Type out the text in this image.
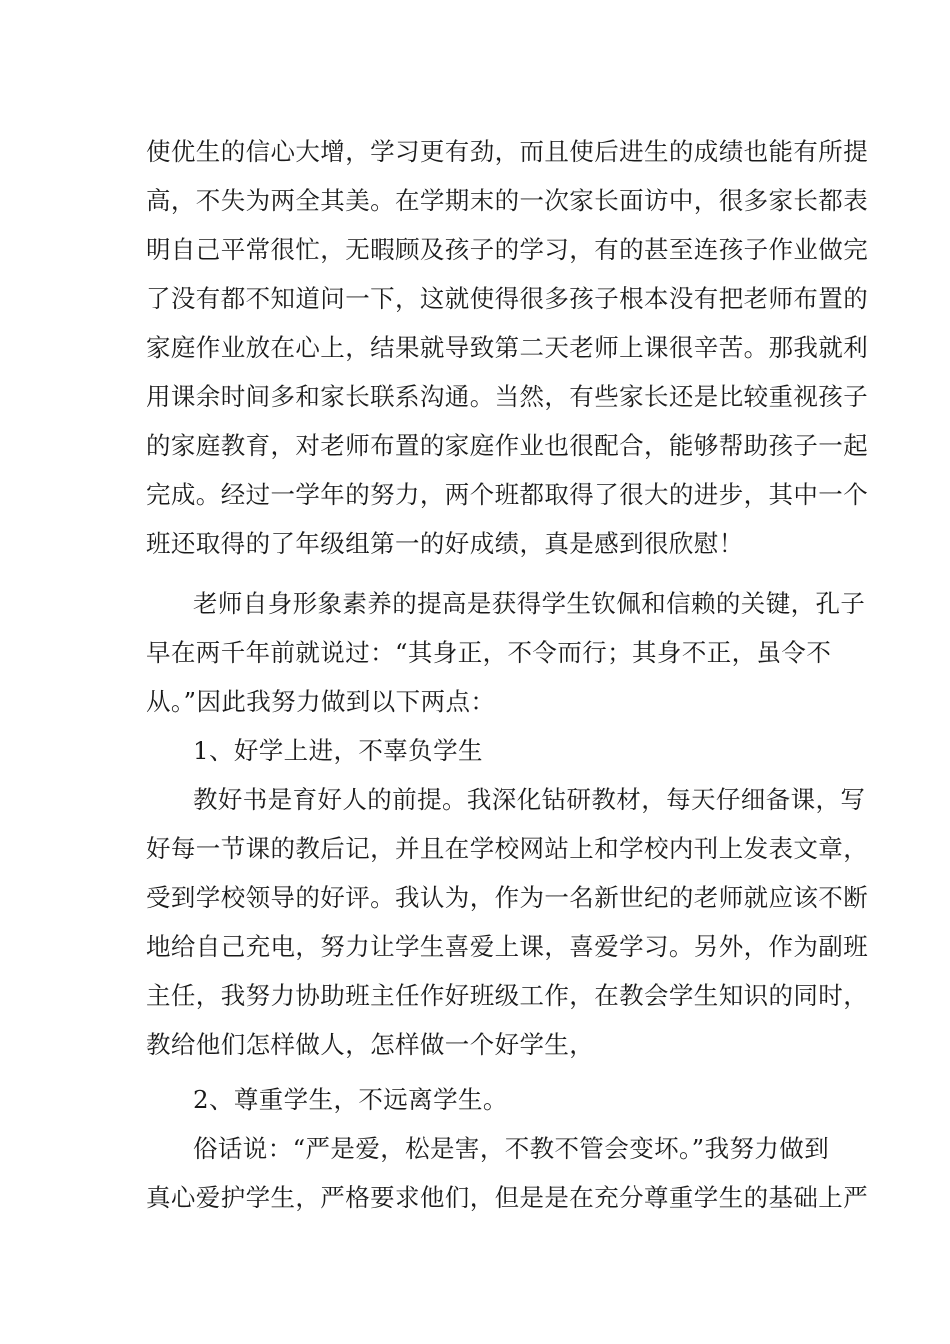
使优生的信心大增，学习更有劲，而且使后进生的成绩也能有所提
高，不失为两全其美。在学期末的一次家长面访中，很多家长都表
明自己平常很忙，无暇顾及孩子的学习，有的甚至连孩子作业做完
了没有都不知道问一下，这就使得很多孩子根本没有把老师布置的
家庭作业放在心上，结果就导致第二天老师上课很辛苦。那我就利
用课余时间多和家长联系沟通。当然，有些家长还是比较重视孩子
的家庭教育，对老师布置的家庭作业也很配合，能够帮助孩子一起
完成。经过一学年的努力，两个班都取得了很大的进步，其中一个
班还取得的了年级组第一的好成绩，真是感到很欣慰！
老师自身形象素养的提高是获得学生钦佩和信赖的关键，孔子
早在两千年前就说过：“其身正，不令而行；其身不正，虽令不
从。”因此我努力做到以下两点：
1、好学上进，不辜负学生
教好书是育好人的前提。我深化钻研教材，每天仔细备课，写
好每一节课的教后记，并且在学校网站上和学校内刊上发表文章，
受到学校领导的好评。我认为，作为一名新世纪的老师就应该不断
地给自己充电，努力让学生喜爱上课，喜爱学习。另外，作为副班
主任，我努力协助班主任作好班级工作，在教会学生知识的同时，
教给他们怎样做人，怎样做一个好学生，
2、尊重学生，不远离学生。
俗话说：“严是爱，松是害，不教不管会变坏。”我努力做到
真心爱护学生，严格要求他们，但是是在充分尊重学生的基础上严
